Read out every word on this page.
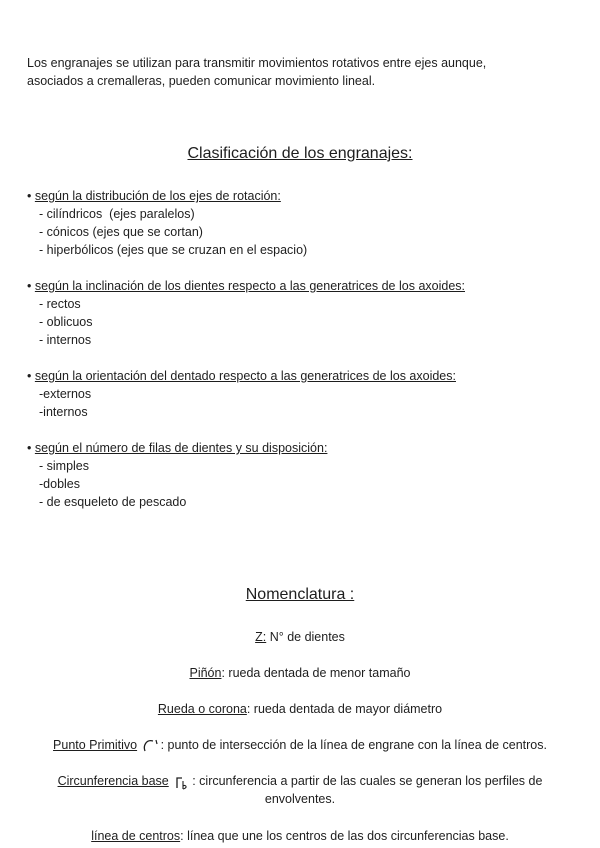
Los engranajes se utilizan para transmitir movimientos rotativos entre ejes aunque,
asociados a cremalleras, pueden comunicar movimiento lineal.
Clasificación de los engranajes:
• según la distribución de los ejes de rotación:
- cilíndricos  (ejes paralelos)
- cónicos (ejes que se cortan)
- hiperbólicos (ejes que se cruzan en el espacio)
• según la inclinación de los dientes respecto a las generatrices de los axoides:
- rectos
- oblicuos
- internos
• según la orientación del dentado respecto a las generatrices de los axoides:
-externos
-internos
• según el número de filas de dientes y su disposición:
- simples
-dobles
- de esqueleto de pescado
Nomenclatura :
Z: N° de dientes
Piñón: rueda dentada de menor tamaño
Rueda o corona: rueda dentada de mayor diámetro
Punto Primitivo : punto de intersección de la línea de engrane con la línea de centros.
Circunferencia base : circunferencia a partir de las cuales se generan los perfiles de
envolventes.
línea de centros: línea que une los centros de las dos circunferencias base.
